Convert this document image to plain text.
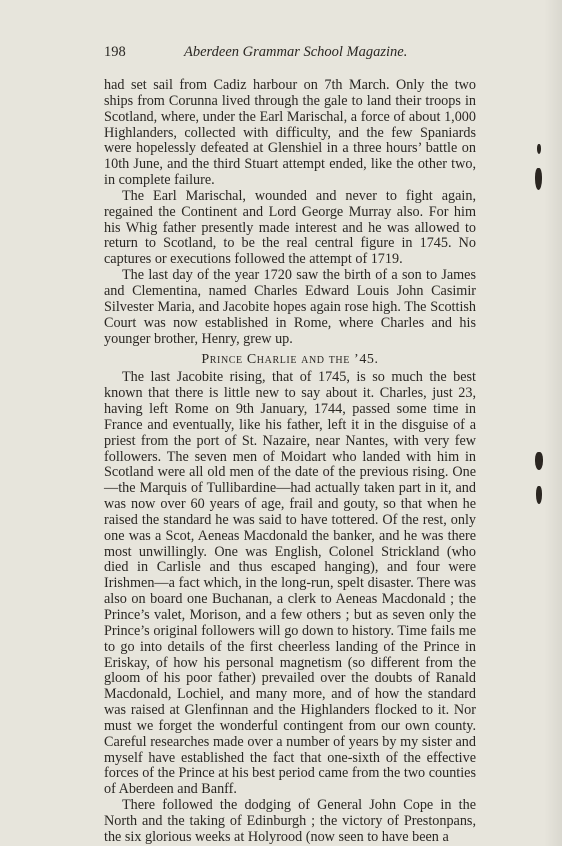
198	Aberdeen Grammar School Magazine.

had set sail from Cadiz harbour on 7th March. Only the two ships from Corunna lived through the gale to land their troops in Scotland, where, under the Earl Marischal, a force of about 1,000 Highlanders, collected with difficulty, and the few Spaniards were hopelessly defeated at Glenshiel in a three hours’ battle on 10th June, and the third Stuart attempt ended, like the other two, in complete failure.

The Earl Marischal, wounded and never to fight again, regained the Continent and Lord George Murray also. For him his Whig father presently made interest and he was allowed to return to Scotland, to be the real central figure in 1745. No captures or executions followed the attempt of 1719.

The last day of the year 1720 saw the birth of a son to James and Clementina, named Charles Edward Louis John Casimir Silvester Maria, and Jacobite hopes again rose high. The Scottish Court was now established in Rome, where Charles and his younger brother, Henry, grew up.

Prince Charlie and the ’45.

The last Jacobite rising, that of 1745, is so much the best known that there is little new to say about it. Charles, just 23, having left Rome on 9th January, 1744, passed some time in France and eventually, like his father, left it in the disguise of a priest from the port of St. Nazaire, near Nantes, with very few followers. The seven men of Moidart who landed with him in Scotland were all old men of the date of the previous rising. One—the Marquis of Tullibardine—had actually taken part in it, and was now over 60 years of age, frail and gouty, so that when he raised the standard he was said to have tottered. Of the rest, only one was a Scot, Aeneas Macdonald the banker, and he was there most unwillingly. One was English, Colonel Strickland (who died in Carlisle and thus escaped hanging), and four were Irishmen—a fact which, in the long-run, spelt disaster. There was also on board one Buchanan, a clerk to Aeneas Macdonald ; the Prince’s valet, Morison, and a few others ; but as seven only the Prince’s original followers will go down to history. Time fails me to go into details of the first cheerless landing of the Prince in Eriskay, of how his personal magnetism (so different from the gloom of his poor father) prevailed over the doubts of Ranald Macdonald, Lochiel, and many more, and of how the standard was raised at Glenfinnan and the Highlanders flocked to it. Nor must we forget the wonderful contingent from our own county. Careful researches made over a number of years by my sister and myself have established the fact that one-sixth of the effective forces of the Prince at his best period came from the two counties of Aberdeen and Banff.

There followed the dodging of General John Cope in the North and the taking of Edinburgh ; the victory of Prestonpans, the six glorious weeks at Holyrood (now seen to have been a
